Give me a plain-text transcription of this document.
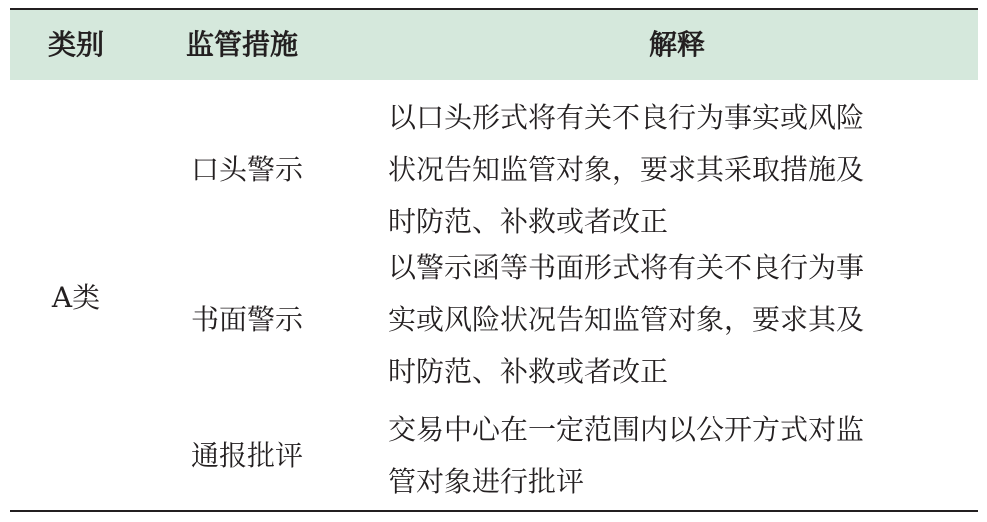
类别	监管措施	解释
A类
口头警示
以口头形式将有关不良行为事实或风险
状况告知监管对象，要求其采取措施及
时防范、补救或者改正
书面警示
以警示函等书面形式将有关不良行为事
实或风险状况告知监管对象，要求其及
时防范、补救或者改正
通报批评
交易中心在一定范围内以公开方式对监
管对象进行批评
